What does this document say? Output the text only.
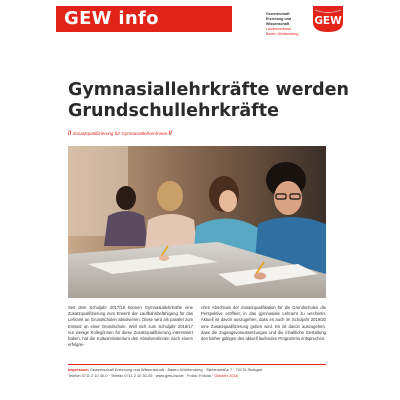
GEW info	Gewerkschaft
Erziehung und Wissenschaft
Landesverband
Baden-Württemberg
GEW
Gymnasiallehrkräfte werden
Grundschullehrkräfte
// Zusatzqualifizierung für Gymnasiallehrer/innen //

Seit dem Schuljahr 2017/18 können Gymnasiallehrkräfte eine Zusatzqualifizierung zum Erwerb der Laufbahnbefähigung für das Lehramt an Grundschulen absolvieren. Diese wird als parallel zum Einsatz an einer Grundschule. Weil sich zum Schuljahr 2016/17 nur wenige Kolleg/innen für diese Zusatzqualifizierung interessiert haben, hat die Kultusministerium den Absolvent/innen nach einem erfolgrei-

chen Abschluss der Zusatzqualifikation für die Grundschulen die Perspektive eröffnet, in das gymnasiale Lehramt zu wechseln. Aktuell ist davon auszugehen, dass es auch im Schuljahr 2019/20 eine Zusatzqualifizierung geben wird. Es ist davon auszugehen, dass die Zugangsvoraussetzungen und die inhaltliche Gestaltung den bisher gültigen des aktuell laufenden Programms entsprechen.

Impressum Gewerkschaft Erziehung und Wissenschaft · Baden-Württemberg · Silcherstraße 7 · 70176 Stuttgart
Telefon 0711 2 10 30-0 · Telefax 0711 2 10 30-45 · www.gew-bw.de · Fotos: Fotolia · Oktober 2018
